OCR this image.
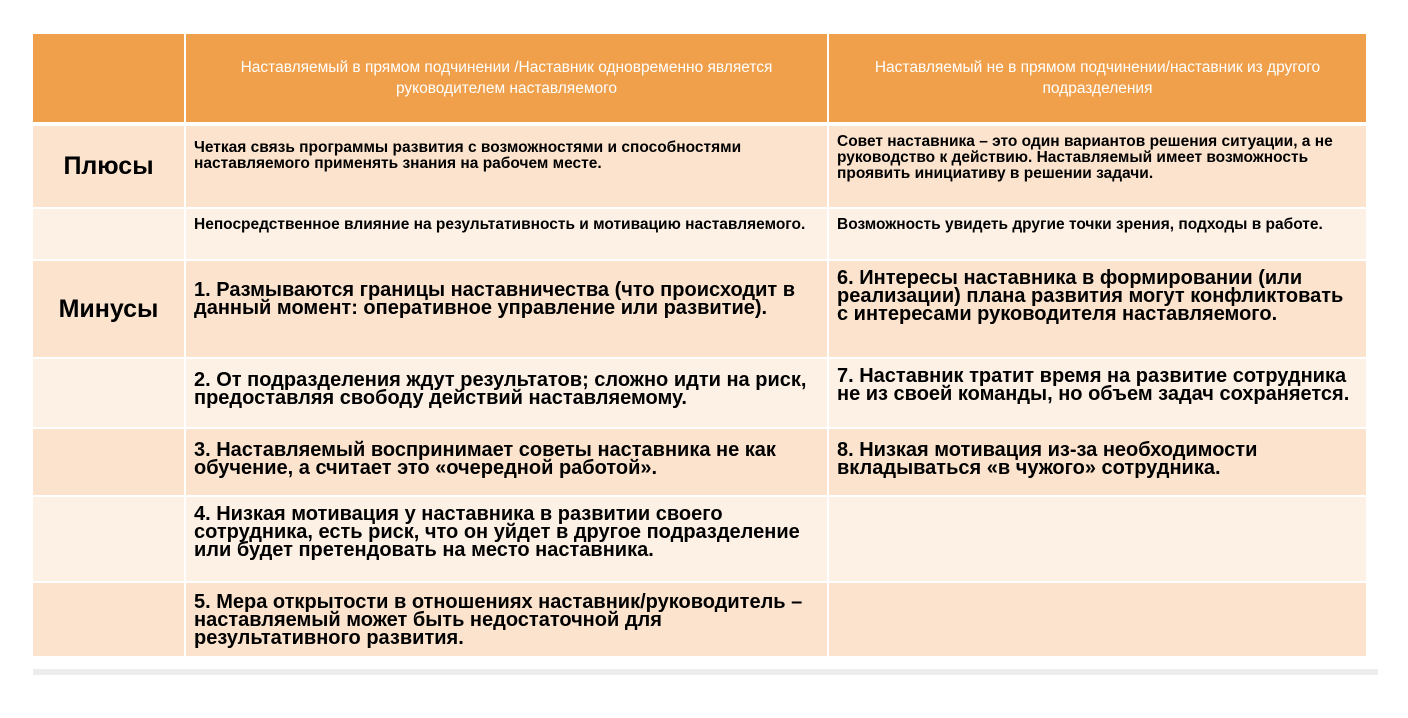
	Наставляемый в прямом подчинении /Наставник одновременно является руководителем наставляемого	Наставляемый не в прямом подчинении/наставник из другого подразделения
Плюсы	Четкая связь программы развития с возможностями и способностями наставляемого применять знания на рабочем месте.	Совет наставника – это один вариантов решения ситуации, а не руководство к действию. Наставляемый имеет возможность проявить инициативу в решении задачи.
	Непосредственное влияние на результативность и мотивацию наставляемого.	Возможность увидеть другие точки зрения, подходы в работе.
Минусы	1. Размываются границы наставничества (что происходит в данный момент: оперативное управление или развитие).	6. Интересы наставника в формировании (или реализации) плана развития могут конфликтовать с интересами руководителя наставляемого.
	2. От подразделения ждут результатов; сложно идти на риск, предоставляя свободу действий наставляемому.	7. Наставник тратит время на развитие сотрудника не из своей команды, но объем задач сохраняется.
	3. Наставляемый воспринимает советы наставника не как обучение, а считает это «очередной работой».	8. Низкая мотивация из-за необходимости вкладываться «в чужого» сотрудника.
	4. Низкая мотивация у наставника в развитии своего сотрудника, есть риск, что он уйдет в другое подразделение или будет претендовать на место наставника.	
	5. Мера открытости в отношениях наставник/руководитель – наставляемый может быть недостаточной для результативного развития.	
